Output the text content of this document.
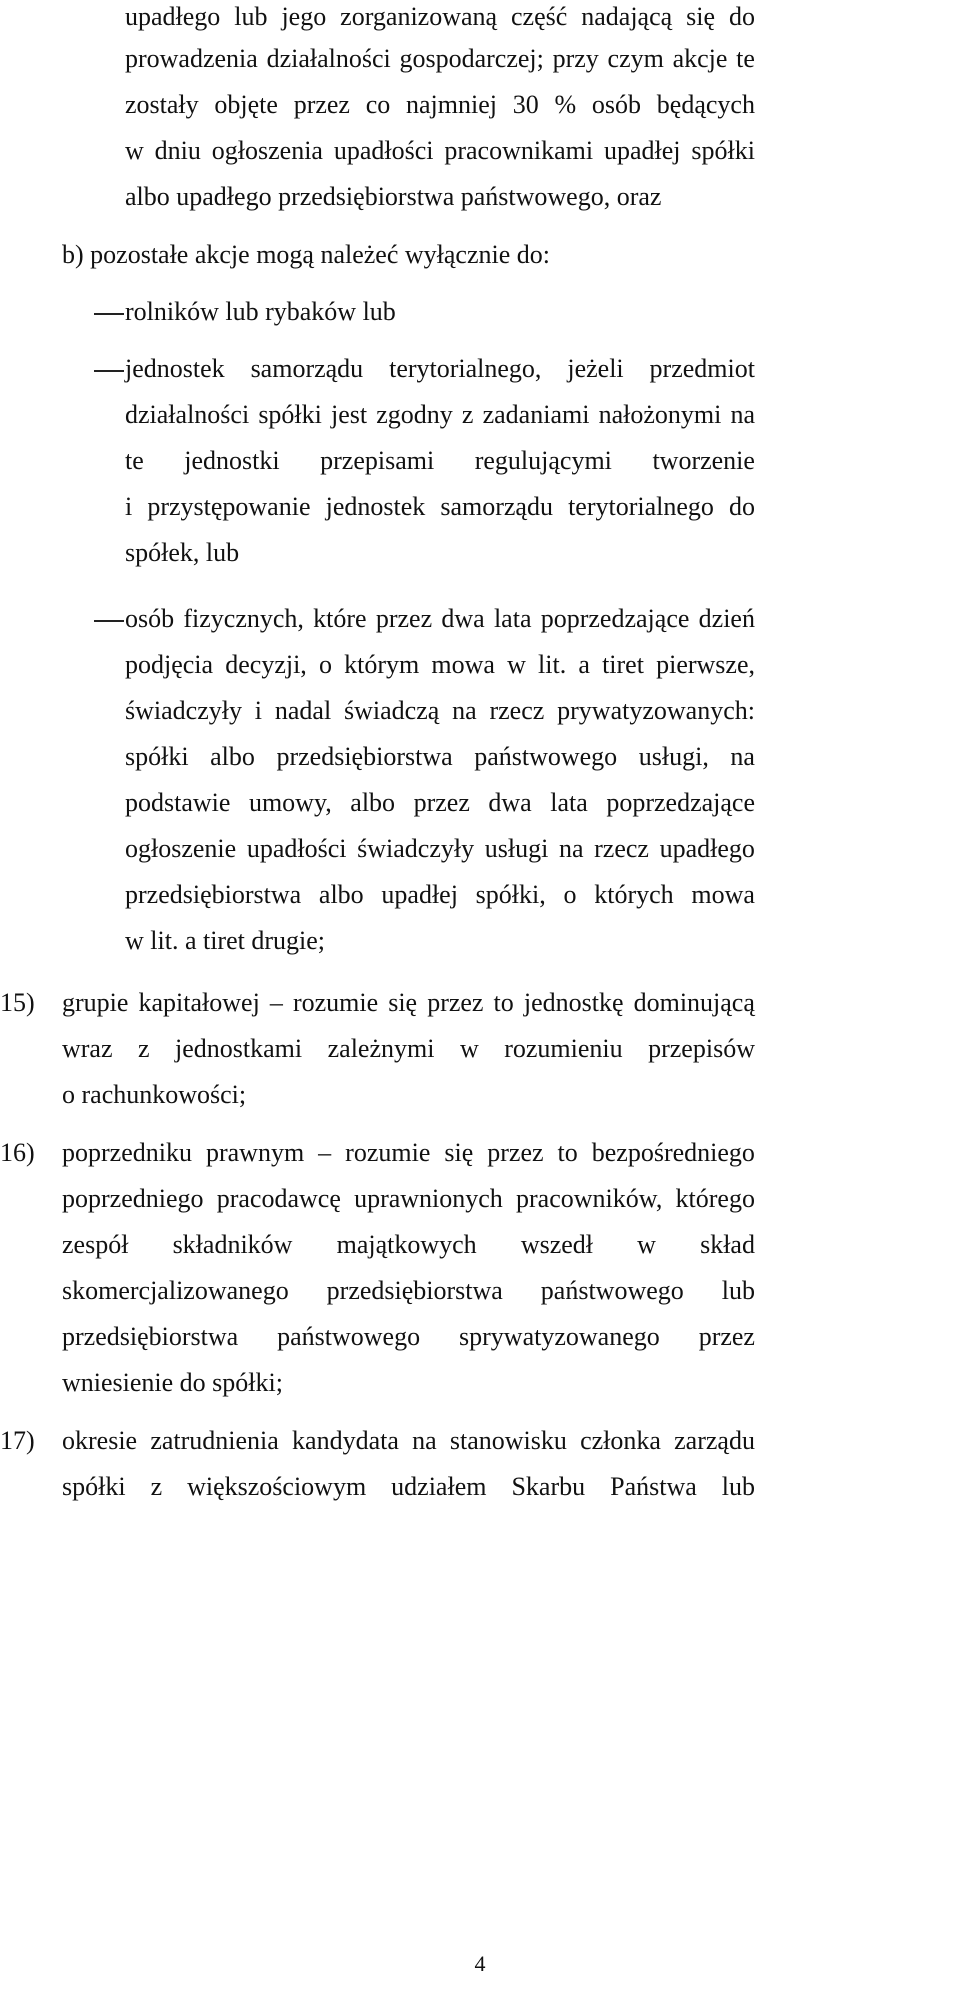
upadłego lub jego zorganizowaną część nadającą się do
prowadzenia działalności gospodarczej; przy czym akcje te
zostały objęte przez co najmniej 30 % osób będących
w dniu ogłoszenia upadłości pracownikami upadłej spółki
albo upadłego przedsiębiorstwa państwowego, oraz
b) pozostałe akcje mogą należeć wyłącznie do:
rolników lub rybaków lub
jednostek samorządu terytorialnego, jeżeli przedmiot
działalności spółki jest zgodny z zadaniami nałożonymi na
te jednostki przepisami regulującymi tworzenie
i przystępowanie jednostek samorządu terytorialnego do
spółek, lub
osób fizycznych, które przez dwa lata poprzedzające dzień
podjęcia decyzji, o którym mowa w lit. a tiret pierwsze,
świadczyły i nadal świadczą na rzecz prywatyzowanych:
spółki albo przedsiębiorstwa państwowego usługi, na
podstawie umowy, albo przez dwa lata poprzedzające
ogłoszenie upadłości świadczyły usługi na rzecz upadłego
przedsiębiorstwa albo upadłej spółki, o których mowa
w lit. a tiret drugie;
15) grupie kapitałowej – rozumie się przez to jednostkę dominującą
wraz z jednostkami zależnymi w rozumieniu przepisów
o rachunkowości;
16) poprzedniku prawnym – rozumie się przez to bezpośredniego
poprzedniego pracodawcę uprawnionych pracowników, którego
zespół składników majątkowych wszedł w skład
skomercjalizowanego przedsiębiorstwa państwowego lub
przedsiębiorstwa państwowego sprywatyzowanego przez
wniesienie do spółki;
17) okresie zatrudnienia kandydata na stanowisku członka zarządu
spółki z większościowym udziałem Skarbu Państwa lub
4
